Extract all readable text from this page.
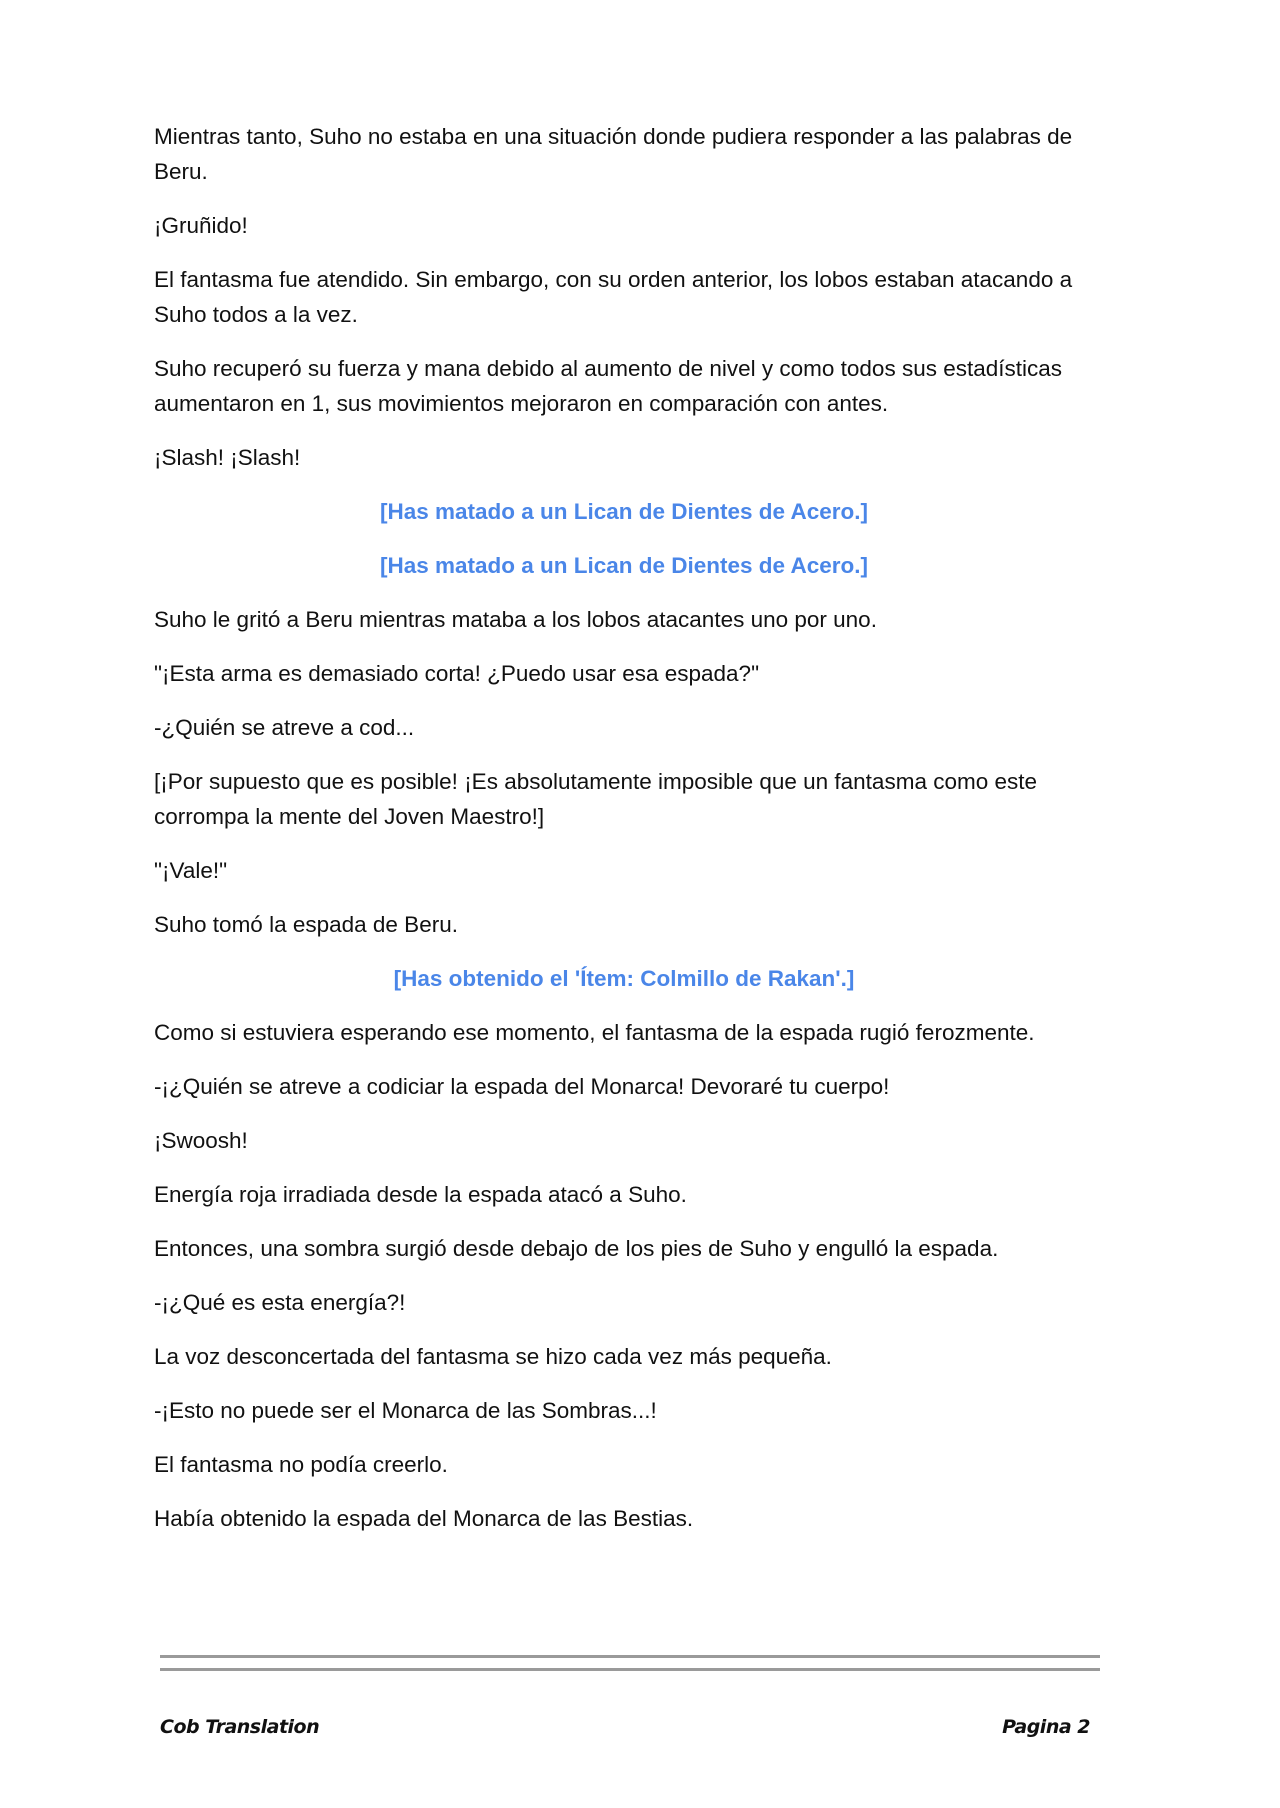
Mientras tanto, Suho no estaba en una situación donde pudiera responder a las palabras de Beru.

¡Gruñido!

El fantasma fue atendido. Sin embargo, con su orden anterior, los lobos estaban atacando a Suho todos a la vez.

Suho recuperó su fuerza y mana debido al aumento de nivel y como todos sus estadísticas aumentaron en 1, sus movimientos mejoraron en comparación con antes.

¡Slash! ¡Slash!

[Has matado a un Lican de Dientes de Acero.]

[Has matado a un Lican de Dientes de Acero.]

Suho le gritó a Beru mientras mataba a los lobos atacantes uno por uno.

"¡Esta arma es demasiado corta! ¿Puedo usar esa espada?"

-¿Quién se atreve a cod...

[¡Por supuesto que es posible! ¡Es absolutamente imposible que un fantasma como este corrompa la mente del Joven Maestro!]

"¡Vale!"

Suho tomó la espada de Beru.

[Has obtenido el 'Ítem: Colmillo de Rakan'.]

Como si estuviera esperando ese momento, el fantasma de la espada rugió ferozmente.

-¡¿Quién se atreve a codiciar la espada del Monarca! Devoraré tu cuerpo!

¡Swoosh!

Energía roja irradiada desde la espada atacó a Suho.

Entonces, una sombra surgió desde debajo de los pies de Suho y engulló la espada.

-¡¿Qué es esta energía?!

La voz desconcertada del fantasma se hizo cada vez más pequeña.

-¡Esto no puede ser el Monarca de las Sombras...!

El fantasma no podía creerlo.

Había obtenido la espada del Monarca de las Bestias.

Cob Translation	Pagina 2
